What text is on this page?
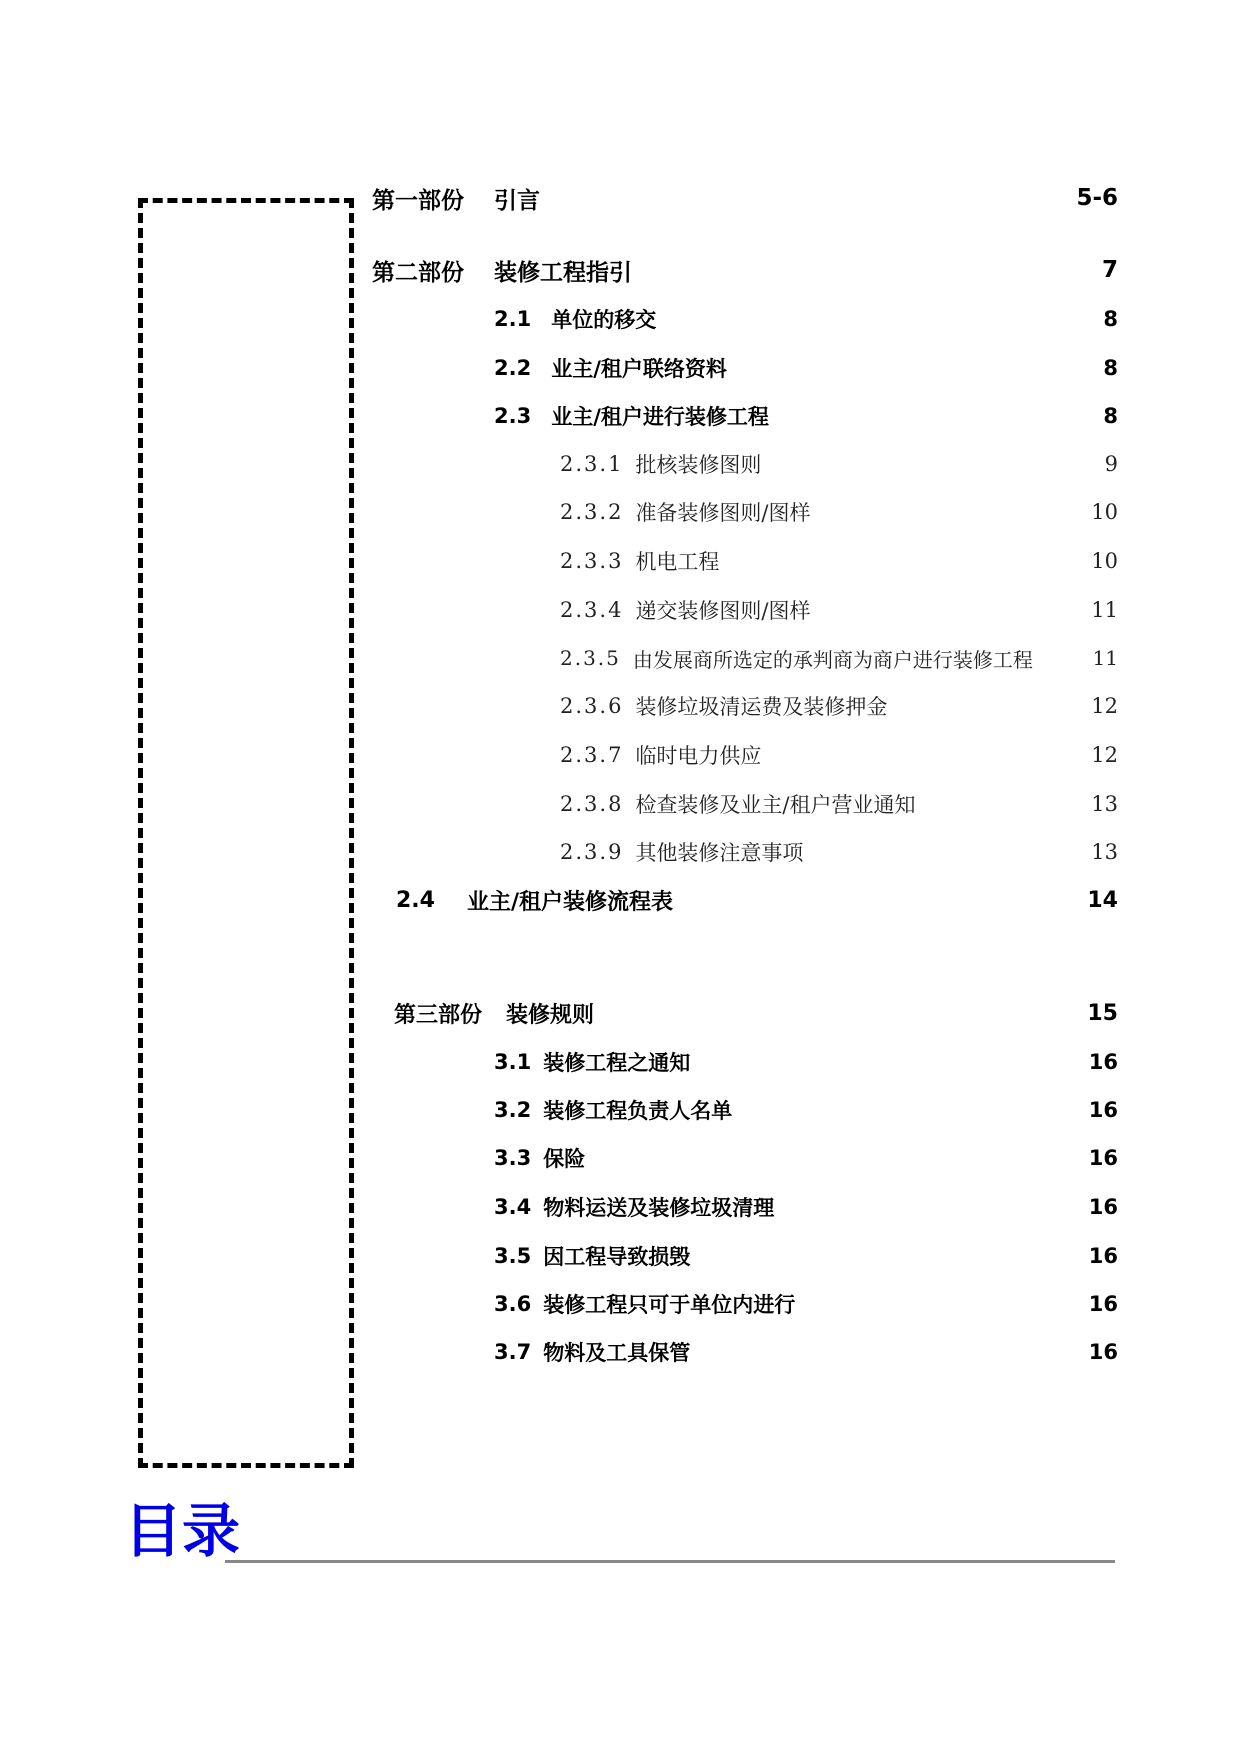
第一部份 引言	5-6
第二部份 装修工程指引	7
2.1 单位的移交	8
2.2 业主/租户联络资料	8
2.3 业主/租户进行装修工程	8
2.3.1 批核装修图则	9
2.3.2 准备装修图则/图样	10
2.3.3 机电工程	10
2.3.4 递交装修图则/图样	11
2.3.5 由发展商所选定的承判商为商户进行装修工程	11
2.3.6 装修垃圾清运费及装修押金	12
2.3.7 临时电力供应	12
2.3.8 检查装修及业主/租户营业通知	13
2.3.9 其他装修注意事项	13
2.4 业主/租户装修流程表	14
第三部份 装修规则	15
3.1 装修工程之通知	16
3.2 装修工程负责人名单	16
3.3 保险	16
3.4 物料运送及装修垃圾清理	16
3.5 因工程导致损毁	16
3.6 装修工程只可于单位内进行	16
3.7 物料及工具保管	16
目录
